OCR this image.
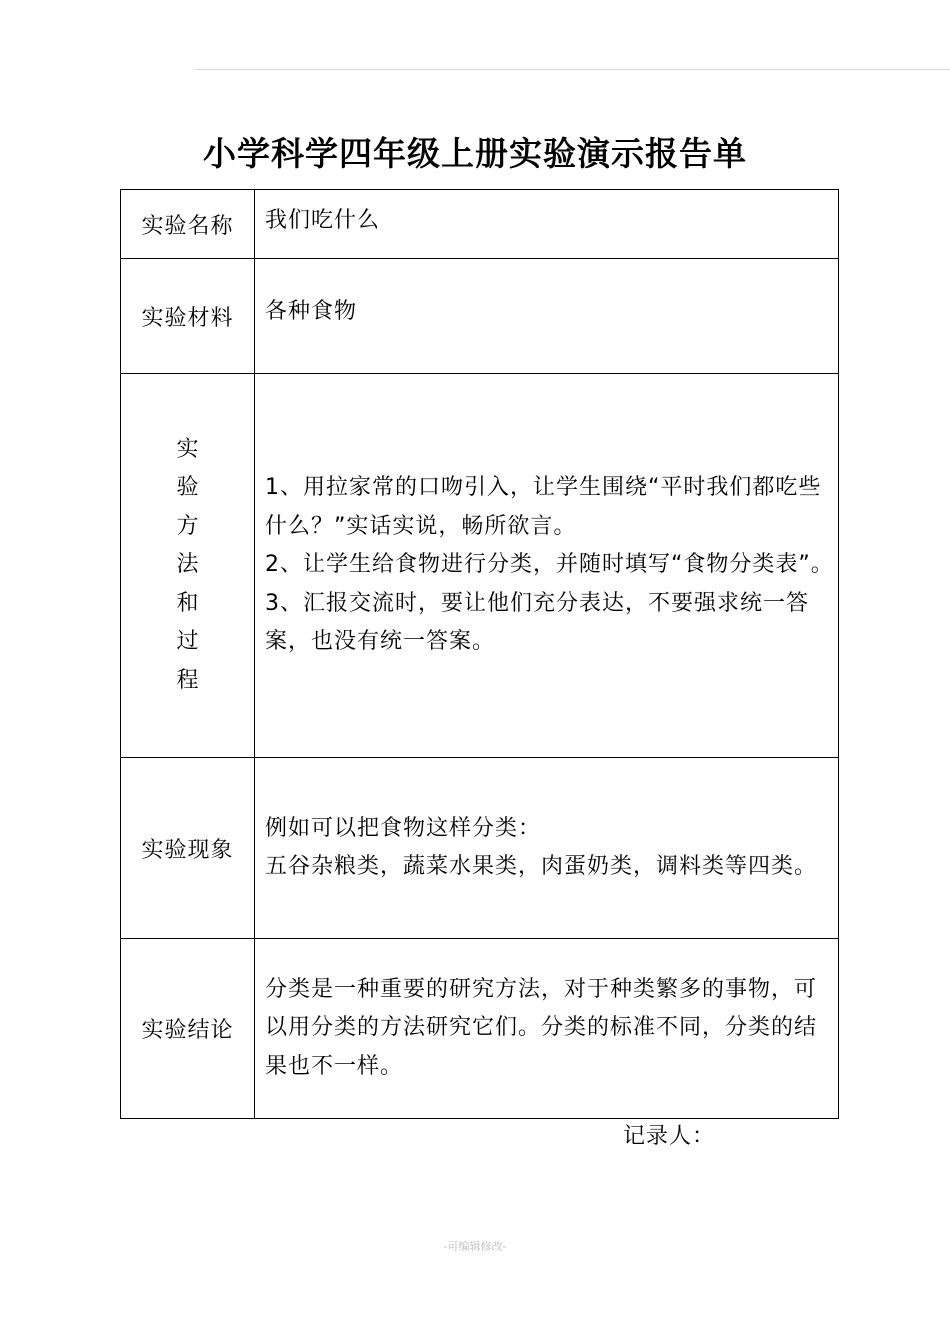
小学科学四年级上册实验演示报告单
实验名称	我们吃什么

实验材料	各种食物

实验方法和过程	1、用拉家常的口吻引入，让学生围绕“平时我们都吃些什么？”实话实说，畅所欲言。
2、让学生给食物进行分类，并随时填写“食物分类表”。
3、汇报交流时，要让他们充分表达，不要强求统一答案，也没有统一答案。

实验现象	例如可以把食物这样分类：
五谷杂粮类，蔬菜水果类，肉蛋奶类，调料类等四类。

实验结论	分类是一种重要的研究方法，对于种类繁多的事物，可以用分类的方法研究它们。分类的标准不同，分类的结果也不一样。
记录人：
-可编辑修改-
